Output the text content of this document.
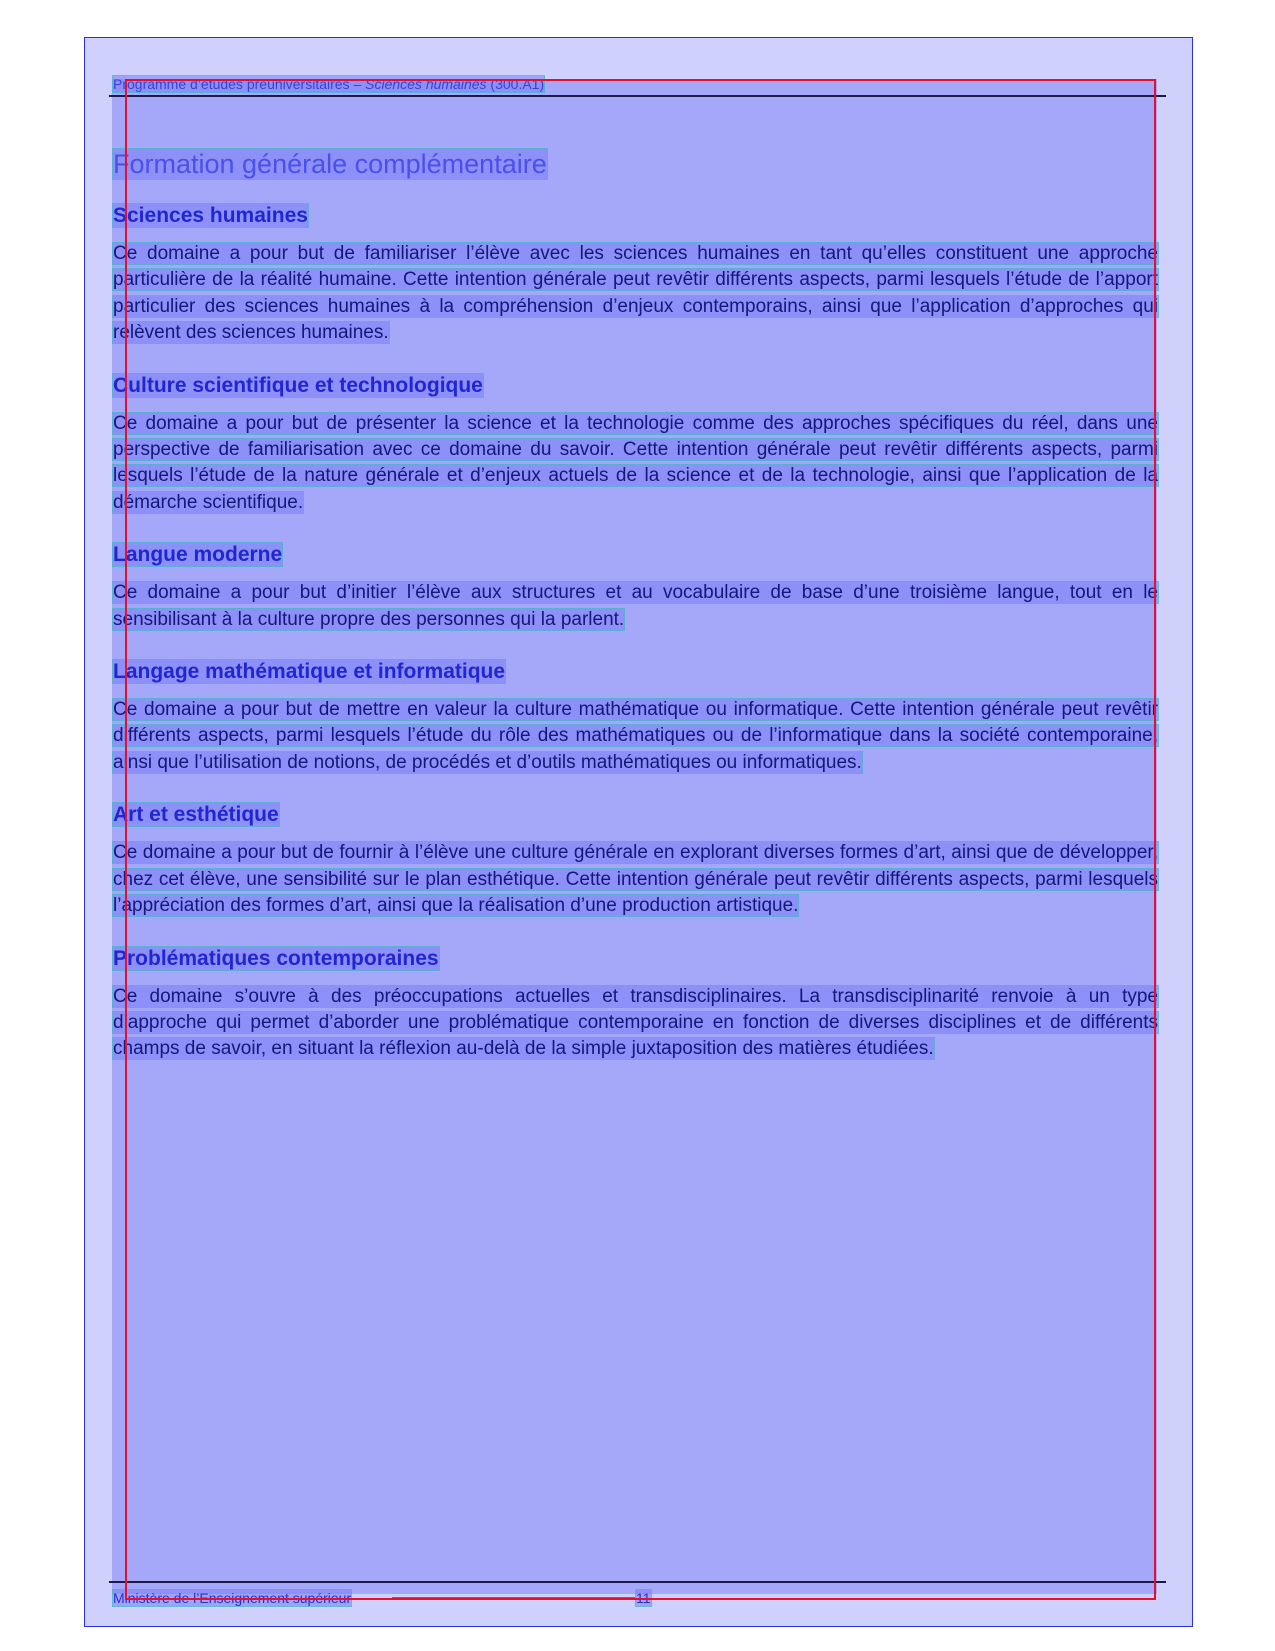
Programme d’études préuniversitaires – Sciences humaines (300.A1)
Formation générale complémentaire
Sciences humaines

Ce domaine a pour but de familiariser l’élève avec les sciences humaines en tant qu’elles constituent une approche particulière de la réalité humaine. Cette intention générale peut revêtir différents aspects, parmi lesquels l’étude de l’apport particulier des sciences humaines à la compréhension d’enjeux contemporains, ainsi que l’application d’approches qui relèvent des sciences humaines.

Culture scientifique et technologique

Ce domaine a pour but de présenter la science et la technologie comme des approches spécifiques du réel, dans une perspective de familiarisation avec ce domaine du savoir. Cette intention générale peut revêtir différents aspects, parmi lesquels l’étude de la nature générale et d’enjeux actuels de la science et de la technologie, ainsi que l’application de la démarche scientifique.

Langue moderne

Ce domaine a pour but d’initier l’élève aux structures et au vocabulaire de base d’une troisième langue, tout en le sensibilisant à la culture propre des personnes qui la parlent.

Langage mathématique et informatique

Ce domaine a pour but de mettre en valeur la culture mathématique ou informatique. Cette intention générale peut revêtir différents aspects, parmi lesquels l’étude du rôle des mathématiques ou de l’informatique dans la société contemporaine, ainsi que l’utilisation de notions, de procédés et d’outils mathématiques ou informatiques.

Art et esthétique

Ce domaine a pour but de fournir à l’élève une culture générale en explorant diverses formes d’art, ainsi que de développer, chez cet élève, une sensibilité sur le plan esthétique. Cette intention générale peut revêtir différents aspects, parmi lesquels l’appréciation des formes d’art, ainsi que la réalisation d’une production artistique.

Problématiques contemporaines

Ce domaine s’ouvre à des préoccupations actuelles et transdisciplinaires. La transdisciplinarité renvoie à un type d’approche qui permet d’aborder une problématique contemporaine en fonction de diverses disciplines et de différents champs de savoir, en situant la réflexion au-delà de la simple juxtaposition des matières étudiées.

Ministère de l’Enseignement supérieur	11
